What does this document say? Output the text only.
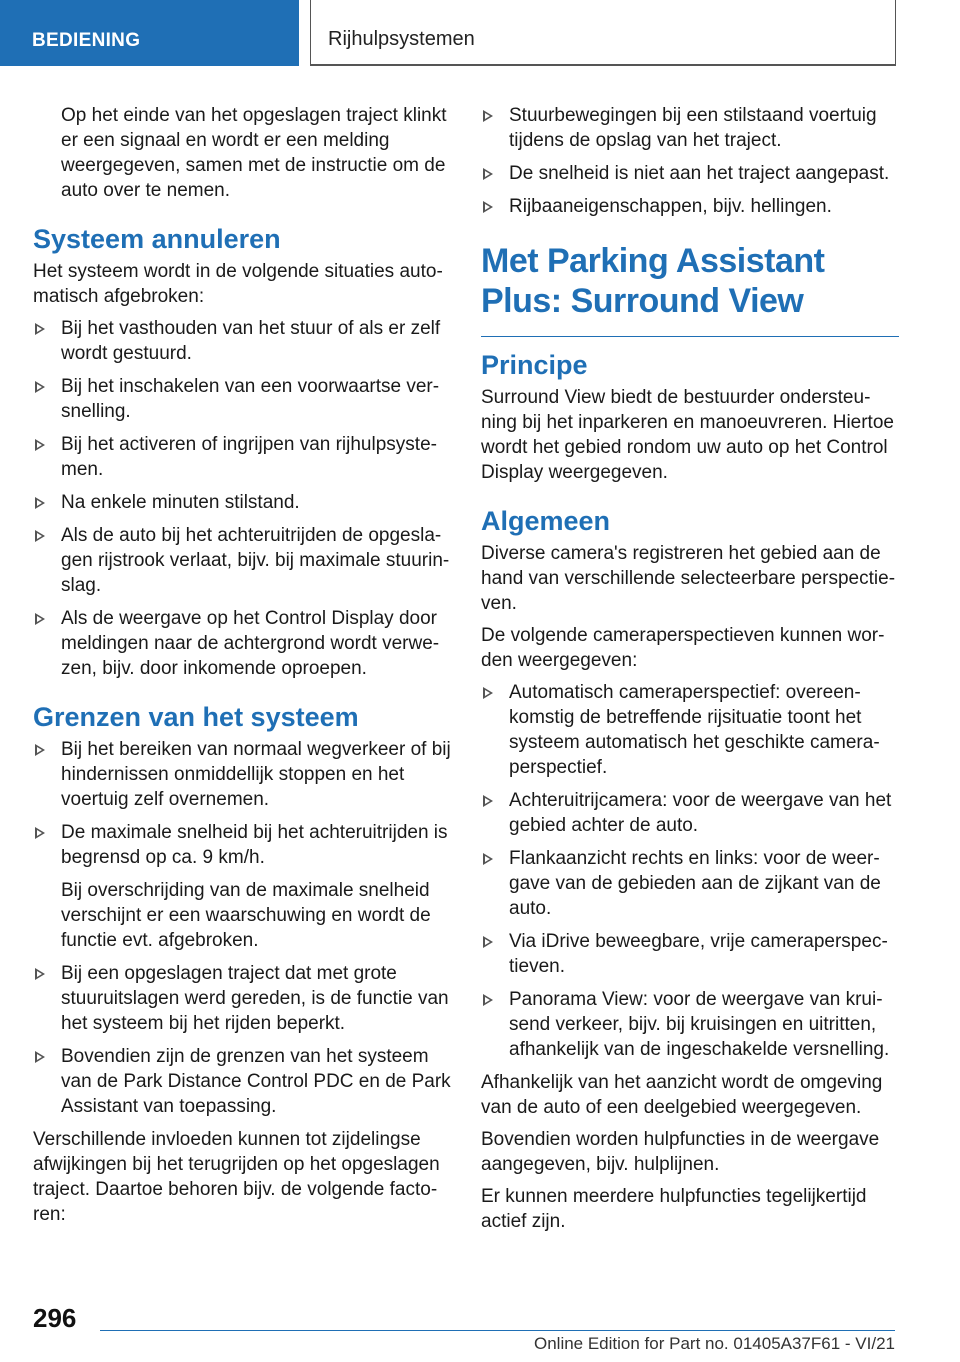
BEDIENING	Rijhulpsystemen

Op het einde van het opgeslagen traject klinkt er een signaal en wordt er een melding weergegeven, samen met de instructie om de auto over te nemen.

Systeem annuleren

Het systeem wordt in de volgende situaties automatisch afgebroken:

Bij het vasthouden van het stuur of als er zelf wordt gestuurd.
Bij het inschakelen van een voorwaartse versnelling.
Bij het activeren of ingrijpen van rijhulpsystemen.
Na enkele minuten stilstand.
Als de auto bij het achteruitrijden de opgeslagen rijstrook verlaat, bijv. bij maximale stuurinslag.
Als de weergave op het Control Display door meldingen naar de achtergrond wordt verwezen, bijv. door inkomende oproepen.
Grenzen van het systeem
Bij het bereiken van normaal wegverkeer of bij hindernissen onmiddellijk stoppen en het voertuig zelf overnemen.
De maximale snelheid bij het achteruitrijden is begrensd op ca. 9 km/h.
Bij overschrijding van de maximale snelheid verschijnt er een waarschuwing en wordt de functie evt. afgebroken.
Bij een opgeslagen traject dat met grote stuuruitslagen werd gereden, is de functie van het systeem bij het rijden beperkt.
Bovendien zijn de grenzen van het systeem van de Park Distance Control PDC en de Park Assistant van toepassing.

Verschillende invloeden kunnen tot zijdelingse afwijkingen bij het terugrijden op het opgeslagen traject. Daartoe behoren bijv. de volgende factoren:

Stuurbewegingen bij een stilstaand voertuig tijdens de opslag van het traject.
De snelheid is niet aan het traject aangepast.
Rijbaaneigenschappen, bijv. hellingen.
Met Parking Assistant Plus: Surround View
Principe

Surround View biedt de bestuurder ondersteuning bij het inparkeren en manoeuvreren. Hiertoe wordt het gebied rondom uw auto op het Control Display weergegeven.

Algemeen

Diverse camera's registreren het gebied aan de hand van verschillende selecteerbare perspectieven.

De volgende cameraperspectieven kunnen worden weergegeven:

Automatisch cameraperspectief: overeenkomstig de betreffende rijsituatie toont het systeem automatisch het geschikte cameraperspectief.
Achteruitrijcamera: voor de weergave van het gebied achter de auto.
Flankaanzicht rechts en links: voor de weergave van de gebieden aan de zijkant van de auto.
Via iDrive beweegbare, vrije cameraperspectieven.
Panorama View: voor de weergave van kruisend verkeer, bijv. bij kruisingen en uitritten, afhankelijk van de ingeschakelde versnelling.

Afhankelijk van het aanzicht wordt de omgeving van de auto of een deelgebied weergegeven.

Bovendien worden hulpfuncties in de weergave aangegeven, bijv. hulplijnen.

Er kunnen meerdere hulpfuncties tegelijkertijd actief zijn.

296
Online Edition for Part no. 01405A37F61 - VI/21
